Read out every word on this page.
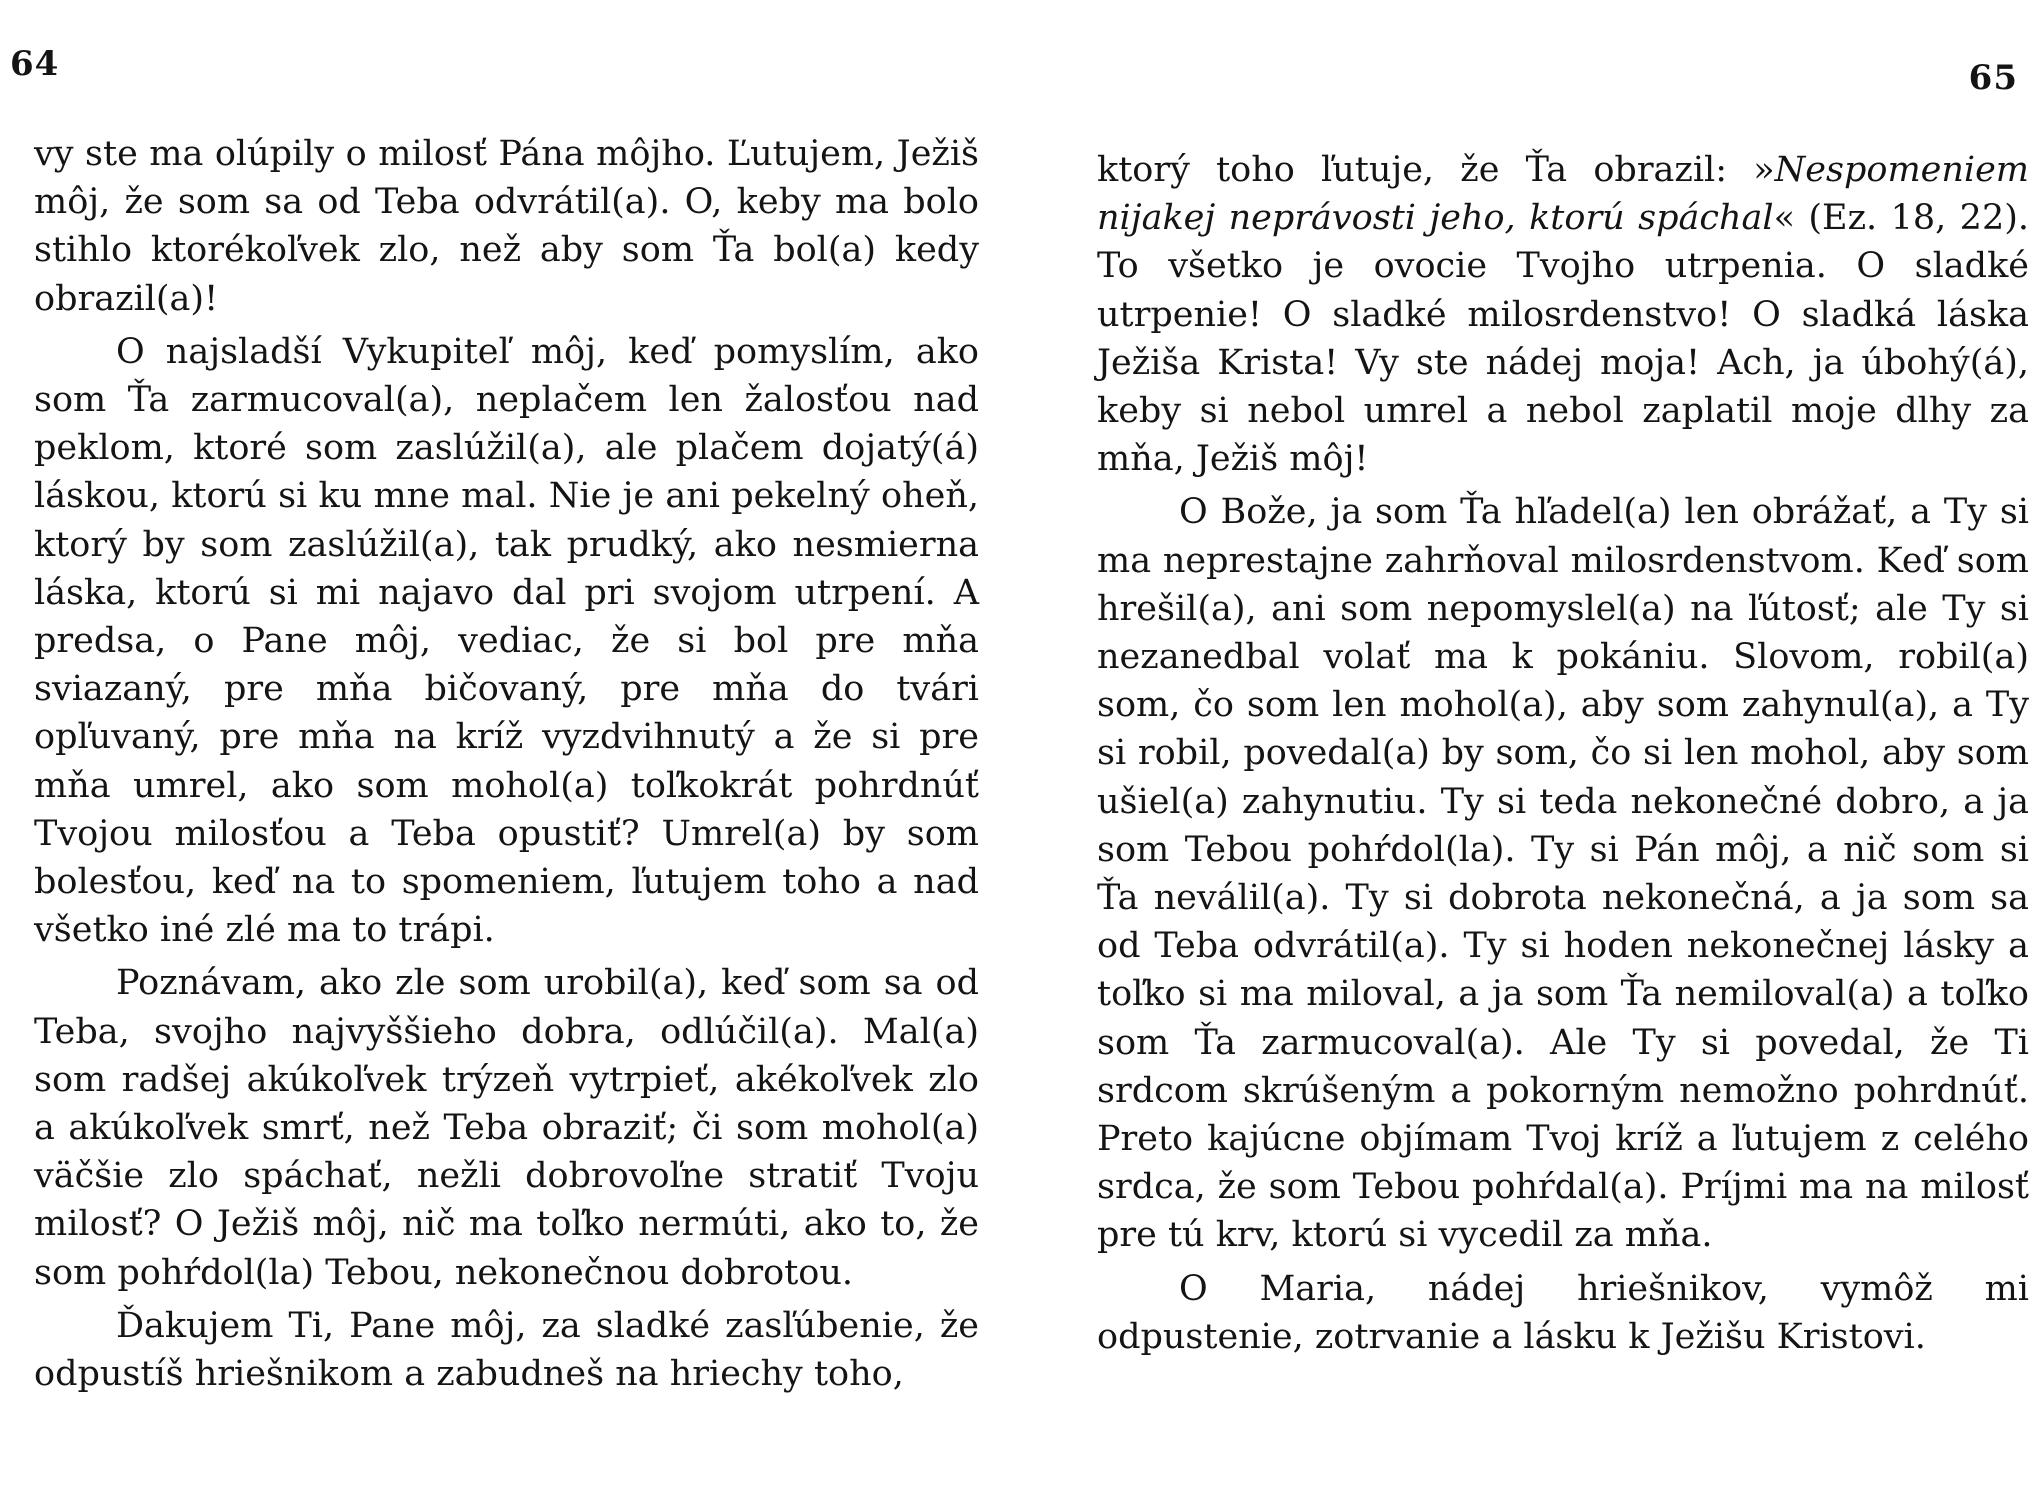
64

vy ste ma olúpily o milosť Pána môjho. Ľutujem, Ježiš môj, že som sa od Teba odvrátil(a). O, keby ma bolo stihlo ktorékoľvek zlo, než aby som Ťa bol(a) kedy obrazil(a)!

O najsladší Vykupiteľ môj, keď pomyslím, ako som Ťa zarmucoval(a), neplačem len žalosťou nad peklom, ktoré som zaslúžil(a), ale plačem dojatý(á) láskou, ktorú si ku mne mal. Nie je ani pekelný oheň, ktorý by som zaslúžil(a), tak prudký, ako nesmierna láska, ktorú si mi najavo dal pri svojom utrpení. A predsa, o Pane môj, vediac, že si bol pre mňa sviazaný, pre mňa bičovaný, pre mňa do tvári opľuvaný, pre mňa na kríž vyzdvihnutý a že si pre mňa umrel, ako som mohol(a) toľkokrát pohrdnúť Tvojou milosťou a Teba opustiť? Umrel(a) by som bolesťou, keď na to spomeniem, ľutujem toho a nad všetko iné zlé ma to trápi.

Poznávam, ako zle som urobil(a), keď som sa od Teba, svojho najvyššieho dobra, odlúčil(a). Mal(a) som radšej akúkoľvek trýzeň vytrpieť, akékoľvek zlo a akúkoľvek smrť, než Teba obraziť; či som mohol(a) väčšie zlo spáchať, nežli dobrovoľne stratiť Tvoju milosť? O Ježiš môj, nič ma toľko nermúti, ako to, že som pohŕdol(la) Tebou, nekonečnou dobrotou.

Ďakujem Ti, Pane môj, za sladké zasľúbenie, že odpustíš hriešnikom a zabudneš na hriechy toho,

65

ktorý toho ľutuje, že Ťa obrazil: »Nespomeniem nijakej neprávosti jeho, ktorú spáchal« (Ez. 18, 22). To všetko je ovocie Tvojho utrpenia. O sladké utrpenie! O sladké milosrdenstvo! O sladká láska Ježiša Krista! Vy ste nádej moja! Ach, ja úbohý(á), keby si nebol umrel a nebol zaplatil moje dlhy za mňa, Ježiš môj!

O Bože, ja som Ťa hľadel(a) len obrážať, a Ty si ma neprestajne zahrňoval milosrdenstvom. Keď som hrešil(a), ani som nepomyslel(a) na ľútosť; ale Ty si nezanedbal volať ma k pokániu. Slovom, robil(a) som, čo som len mohol(a), aby som zahynul(a), a Ty si robil, povedal(a) by som, čo si len mohol, aby som ušiel(a) zahynutiu. Ty si teda nekonečné dobro, a ja som Tebou pohŕdol(la). Ty si Pán môj, a nič som si Ťa neválil(a). Ty si dobrota nekonečná, a ja som sa od Teba odvrátil(a). Ty si hoden nekonečnej lásky a toľko si ma miloval, a ja som Ťa nemiloval(a) a toľko som Ťa zarmucoval(a). Ale Ty si povedal, že Ti srdcom skrúšeným a pokorným nemožno pohrdnúť. Preto kajúcne objímam Tvoj kríž a ľutujem z celého srdca, že som Tebou pohŕdal(a). Príjmi ma na milosť pre tú krv, ktorú si vycedil za mňa.

O Maria, nádej hriešnikov, vymôž mi odpustenie, zotrvanie a lásku k Ježišu Kristovi.
